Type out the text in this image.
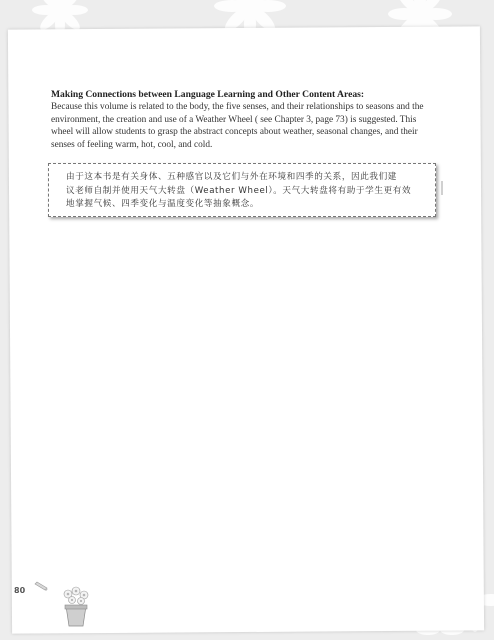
Making Connections between Language Learning and Other Content Areas:
Because this volume is related to the body, the five senses, and their relationships to seasons and the
environment, the creation and use of a Weather Wheel ( see Chapter 3, page 73) is suggested. This
wheel will allow students to grasp the abstract concepts about weather, seasonal changes, and their
senses of feeling warm, hot, cool, and cold.
由于这本书是有关身体、五种感官以及它们与外在环境和四季的关系，因此我们建
议老师自制并使用天气大转盘（Weather Wheel）。天气大转盘将有助于学生更有效
地掌握气候、四季变化与温度变化等抽象概念。
80
